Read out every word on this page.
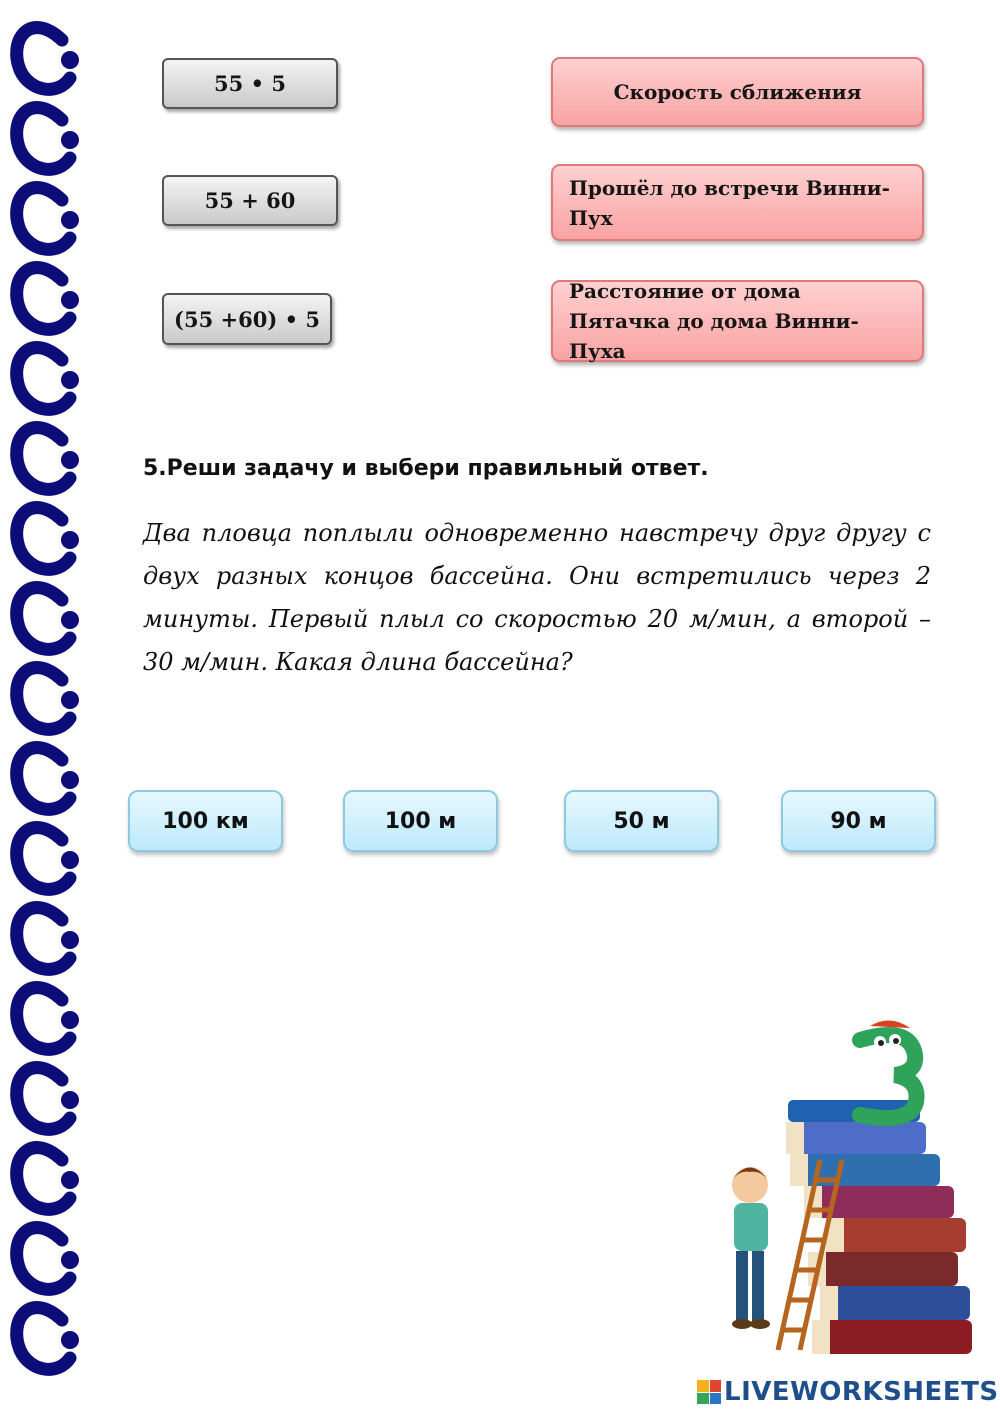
55 • 5
55 + 60
(55 +60) • 5
Скорость сближения
Прошёл до встречи Винни-Пух
Расстояние от дома Пятачка до дома Винни-Пуха
5.Реши задачу и выбери правильный ответ.

Два пловца поплыли одновременно навстречу друг другу с двух разных концов бассейна. Они встретились через 2 минуты. Первый плыл со скоростью 20 м/мин, а второй – 30 м/мин. Какая длина бассейна?

100 км	100 м	50 м	90 м
LIVEWORKSHEETS
